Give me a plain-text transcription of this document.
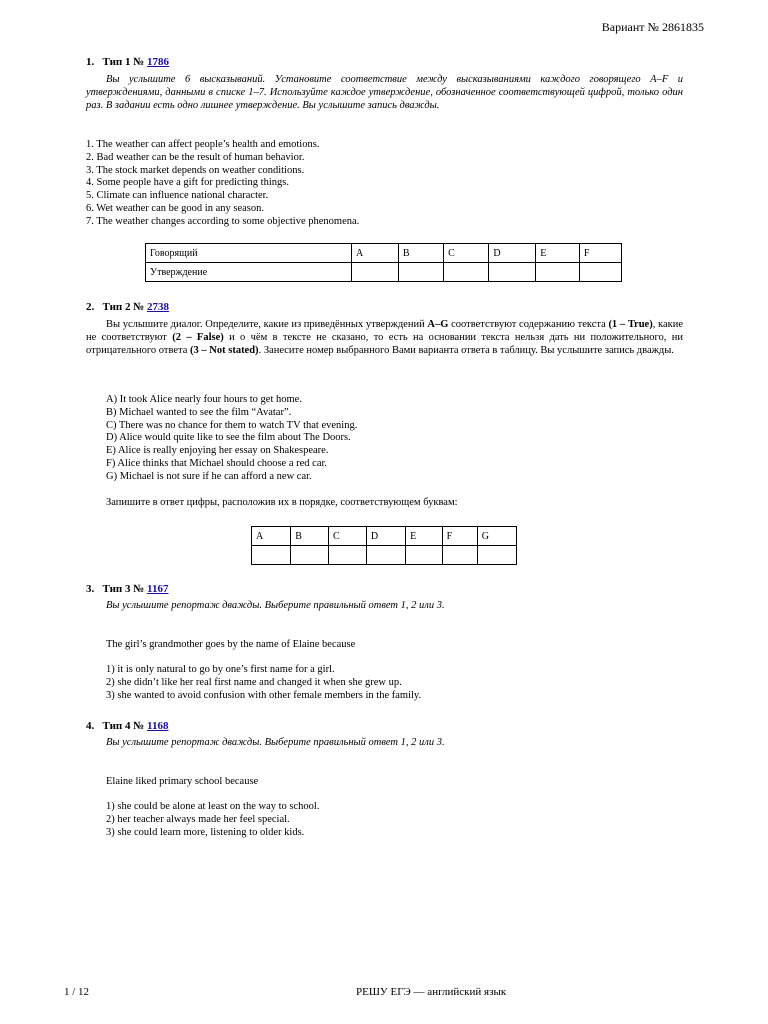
Вариант № 2861835
1. Тип 1 № 1786
Вы услышите 6 высказываний. Установите соответствие между высказываниями каждого говорящего A–F и утверждениями, данными в списке 1–7. Используйте каждое утверждение, обозначенное соответствующей цифрой, только один раз. В задании есть одно лишнее утверждение. Вы услышите запись дважды.
1. The weather can affect people’s health and emotions.
2. Bad weather can be the result of human behavior.
3. The stock market depends on weather conditions.
4. Some people have a gift for predicting things.
5. Climate can influence national character.
6. Wet weather can be good in any season.
7. The weather changes according to some objective phenomena.
Говорящий	A	B	C	D	E	F
Утверждение						
2. Тип 2 № 2738
Вы услышите диалог. Определите, какие из приведённых утверждений A–G соответствуют содержанию текста (1 – True), какие не соответствуют (2 – False) и о чём в тексте не сказано, то есть на основании текста нельзя дать ни положительного, ни отрицательного ответа (3 – Not stated). Занесите номер выбранного Вами варианта ответа в таблицу. Вы услышите запись дважды.
A) It took Alice nearly four hours to get home.
B) Michael wanted to see the film “Avatar”.
C) There was no chance for them to watch TV that evening.
D) Alice would quite like to see the film about The Doors.
E) Alice is really enjoying her essay on Shakespeare.
F) Alice thinks that Michael should choose a red car.
G) Michael is not sure if he can afford a new car.
Запишите в ответ цифры, расположив их в порядке, соответствующем буквам:
A	B	C	D	E	F	G

3. Тип 3 № 1167
Вы услышите репортаж дважды. Выберите правильный ответ 1, 2 или 3.
The girl’s grandmother goes by the name of Elaine because
1) it is only natural to go by one’s first name for a girl.
2) she didn’t like her real first name and changed it when she grew up.
3) she wanted to avoid confusion with other female members in the family.
4. Тип 4 № 1168
Вы услышите репортаж дважды. Выберите правильный ответ 1, 2 или 3.
Elaine liked primary school because
1) she could be alone at least on the way to school.
2) her teacher always made her feel special.
3) she could learn more, listening to older kids.
1 / 12	РЕШУ ЕГЭ — английский язык
